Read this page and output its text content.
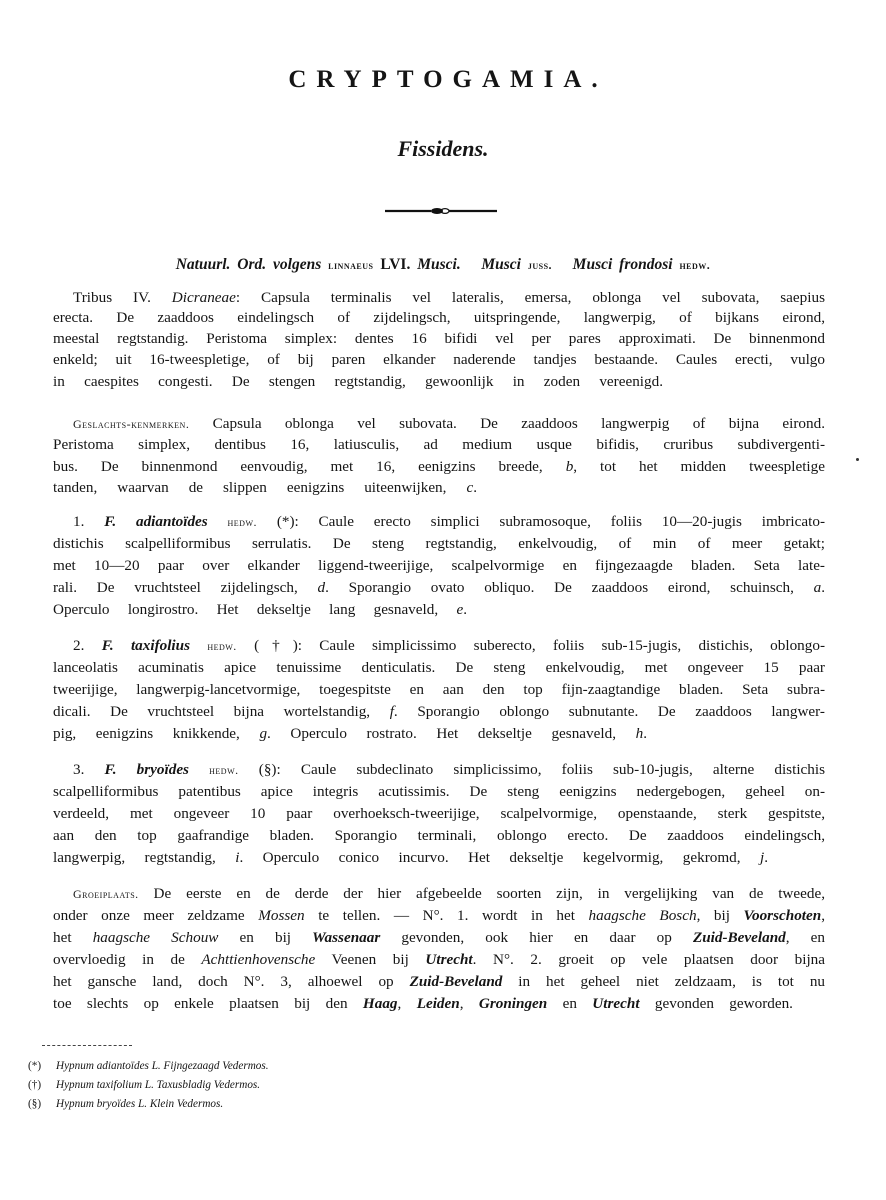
CRYPTOGAMIA.
Fissidens.
Natuurl. Ord. volgens linnaeus LVI. Musci.   Musci juss.   Musci frondosi hedw.
Tribus IV. Dicraneae: Capsula terminalis vel lateralis, emersa, oblonga vel subovata, saepius
erecta. De zaaddoos eindelingsch of zijdelingsch, uitspringende, langwerpig, of bijkans eirond,
meestal regtstandig. Peristoma simplex: dentes 16 bifidi vel per pares approximati. De binnenmond
enkeld; uit 16-tweespletige, of bij paren elkander naderende tandjes bestaande. Caules erecti, vulgo
in caespites congesti. De stengen regtstandig, gewoonlijk in zoden vereenigd.
Geslachts-kenmerken. Capsula oblonga vel subovata. De zaaddoos langwerpig of bijna eirond.
Peristoma simplex, dentibus 16, latiusculis, ad medium usque bifidis, cruribus subdivergenti-
bus. De binnenmond eenvoudig, met 16, eenigzins breede, b, tot het midden tweespletige
tanden, waarvan de slippen eenigzins uiteenwijken, c.
1. F. adiantoïdes hedw. (*): Caule erecto simplici subramosoque, foliis 10—20-jugis imbricato-
distichis scalpelliformibus serrulatis. De steng regtstandig, enkelvoudig, of min of meer getakt;
met 10—20 paar over elkander liggend-tweerijige, scalpelvormige en fijngezaagde bladen. Seta late-
rali. De vruchtsteel zijdelingsch, d. Sporangio ovato obliquo. De zaaddoos eirond, schuinsch, a.
Operculo longirostro. Het dekseltje lang gesnaveld, e.
2. F. taxifolius hedw. (†): Caule simplicissimo suberecto, foliis sub-15-jugis, distichis, oblongo-
lanceolatis acuminatis apice tenuissime denticulatis. De steng enkelvoudig, met ongeveer 15 paar
tweerijige, langwerpig-lancetvormige, toegespitste en aan den top fijn-zaagtandige bladen. Seta subra-
dicali. De vruchtsteel bijna wortelstandig, f. Sporangio oblongo subnutante. De zaaddoos langwer-
pig, eenigzins knikkende, g. Operculo rostrato. Het dekseltje gesnaveld, h.
3. F. bryoïdes hedw. (§): Caule subdeclinato simplicissimo, foliis sub-10-jugis, alterne distichis
scalpelliformibus patentibus apice integris acutissimis. De steng eenigzins nedergebogen, geheel on-
verdeeld, met ongeveer 10 paar overhoeksch-tweerijige, scalpelvormige, openstaande, sterk gespitste,
aan den top gaafrandige bladen. Sporangio terminali, oblongo erecto. De zaaddoos eindelingsch,
langwerpig, regtstandig, i. Operculo conico incurvo. Het dekseltje kegelvormig, gekromd, j.
Groeiplaats. De eerste en de derde der hier afgebeelde soorten zijn, in vergelijking van de tweede,
onder onze meer zeldzame Mossen te tellen. — N°. 1. wordt in het haagsche Bosch, bij Voorschoten,
het haagsche Schouw en bij Wassenaar gevonden, ook hier en daar op Zuid-Beveland, en
overvloedig in de Achttienhovensche Veenen bij Utrecht. N°. 2. groeit op vele plaatsen door bijna
het gansche land, doch N°. 3, alhoewel op Zuid-Beveland in het geheel niet zeldzaam, is tot nu
toe slechts op enkele plaatsen bij den Haag, Leiden, Groningen en Utrecht gevonden geworden.
(*) Hypnum adiantoïdes L. Fijngezaagd Vedermos.
(†) Hypnum taxifolium L. Taxusbladig Vedermos.
(§) Hypnum bryoïdes L. Klein Vedermos.
